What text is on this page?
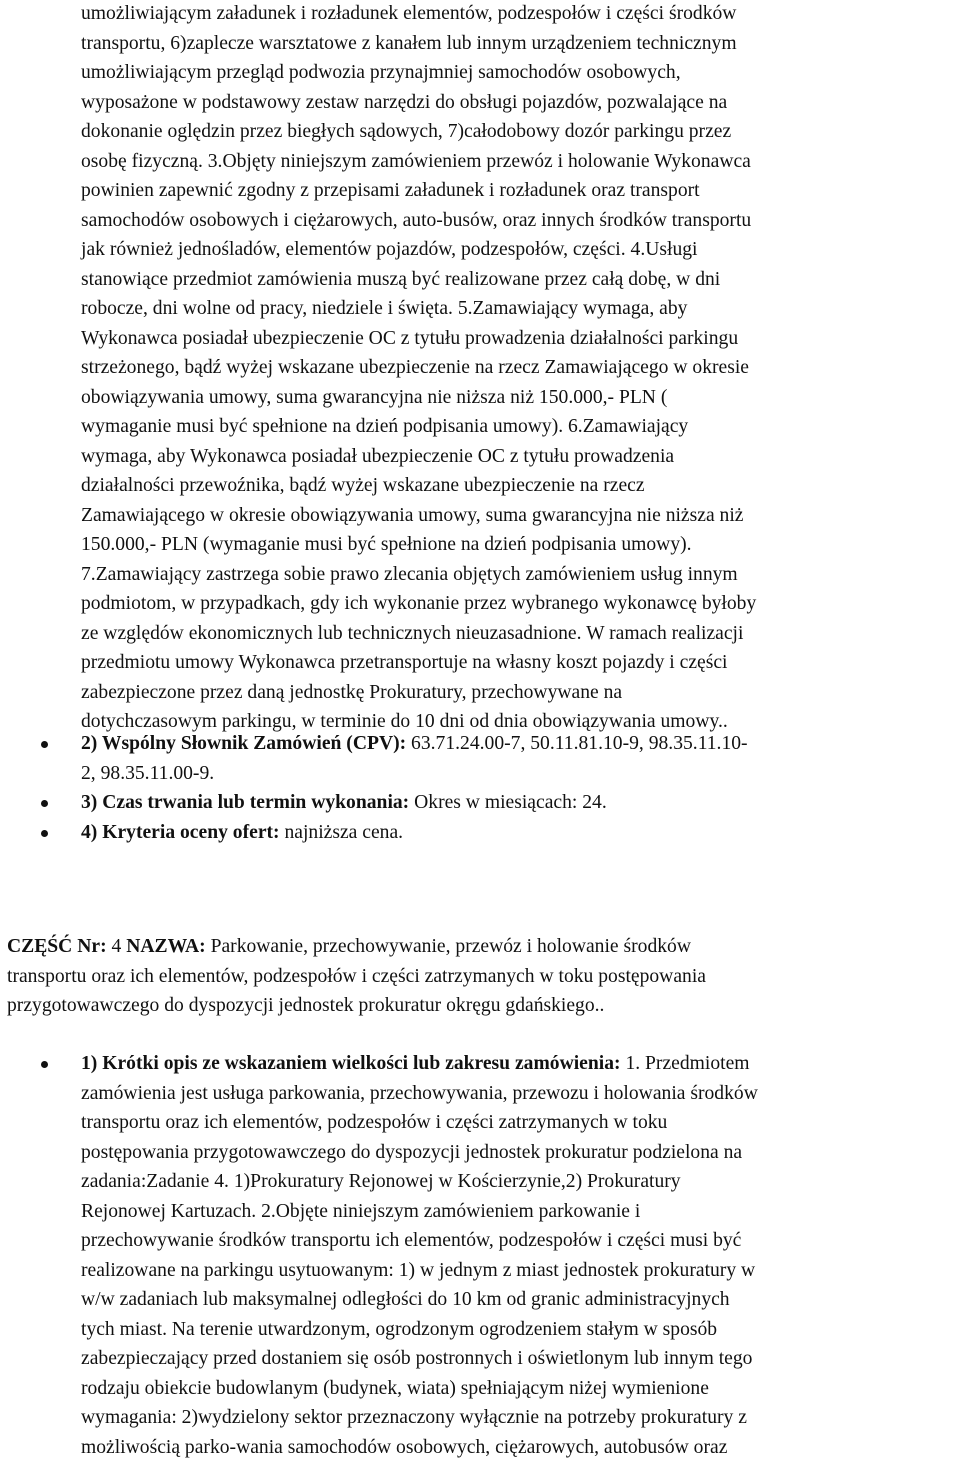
umożliwiającym załadunek i rozładunek elementów, podzespołów i części środków
transportu, 6)zaplecze warsztatowe z kanałem lub innym urządzeniem technicznym
umożliwiającym przegląd podwozia przynajmniej samochodów osobowych,
wyposażone w podstawowy zestaw narzędzi do obsługi pojazdów, pozwalające na
dokonanie oględzin przez biegłych sądowych, 7)całodobowy dozór parkingu przez
osobę fizyczną. 3.Objęty niniejszym zamówieniem przewóz i holowanie Wykonawca
powinien zapewnić zgodny z przepisami załadunek i rozładunek oraz transport
samochodów osobowych i ciężarowych, auto-busów, oraz innych środków transportu
jak również jednośladów, elementów pojazdów, podzespołów, części. 4.Usługi
stanowiące przedmiot zamówienia muszą być realizowane przez całą dobę, w dni
robocze, dni wolne od pracy, niedziele i święta. 5.Zamawiający wymaga, aby
Wykonawca posiadał ubezpieczenie OC z tytułu prowadzenia działalności parkingu
strzeżonego, bądź wyżej wskazane ubezpieczenie na rzecz Zamawiającego w okresie
obowiązywania umowy, suma gwarancyjna nie niższa niż 150.000,- PLN (
wymaganie musi być spełnione na dzień podpisania umowy). 6.Zamawiający
wymaga, aby Wykonawca posiadał ubezpieczenie OC z tytułu prowadzenia
działalności przewoźnika, bądź wyżej wskazane ubezpieczenie na rzecz
Zamawiającego w okresie obowiązywania umowy, suma gwarancyjna nie niższa niż
150.000,- PLN (wymaganie musi być spełnione na dzień podpisania umowy).
7.Zamawiający zastrzega sobie prawo zlecania objętych zamówieniem usług innym
podmiotom, w przypadkach, gdy ich wykonanie przez wybranego wykonawcę byłoby
ze względów ekonomicznych lub technicznych nieuzasadnione. W ramach realizacji
przedmiotu umowy Wykonawca przetransportuje na własny koszt pojazdy i części
zabezpieczone przez daną jednostkę Prokuratury, przechowywane na
dotychczasowym parkingu, w terminie do 10 dni od dnia obowiązywania umowy..

2) Wspólny Słownik Zamówień (CPV): 63.71.24.00-7, 50.11.81.10-9, 98.35.11.10-
2, 98.35.11.00-9.
3) Czas trwania lub termin wykonania: Okres w miesiącach: 24.
4) Kryteria oceny ofert: najniższa cena.
CZĘŚĆ Nr: 4 NAZWA: Parkowanie, przechowywanie, przewóz i holowanie środków
transportu oraz ich elementów, podzespołów i części zatrzymanych w toku postępowania
przygotowawczego do dyspozycji jednostek prokuratur okręgu gdańskiego..
1) Krótki opis ze wskazaniem wielkości lub zakresu zamówienia: 1. Przedmiotem
zamówienia jest usługa parkowania, przechowywania, przewozu i holowania środków
transportu oraz ich elementów, podzespołów i części zatrzymanych w toku
postępowania przygotowawczego do dyspozycji jednostek prokuratur podzielona na
zadania:Zadanie 4. 1)Prokuratury Rejonowej w Kościerzynie,2) Prokuratury
Rejonowej Kartuzach. 2.Objęte niniejszym zamówieniem parkowanie i
przechowywanie środków transportu ich elementów, podzespołów i części musi być
realizowane na parkingu usytuowanym: 1) w jednym z miast jednostek prokuratury w
w/w zadaniach lub maksymalnej odległości do 10 km od granic administracyjnych
tych miast. Na terenie utwardzonym, ogrodzonym ogrodzeniem stałym w sposób
zabezpieczający przed dostaniem się osób postronnych i oświetlonym lub innym tego
rodzaju obiekcie budowlanym (budynek, wiata) spełniającym niżej wymienione
wymagania: 2)wydzielony sektor przeznaczony wyłącznie na potrzeby prokuratury z
możliwością parko-wania samochodów osobowych, ciężarowych, autobusów oraz
